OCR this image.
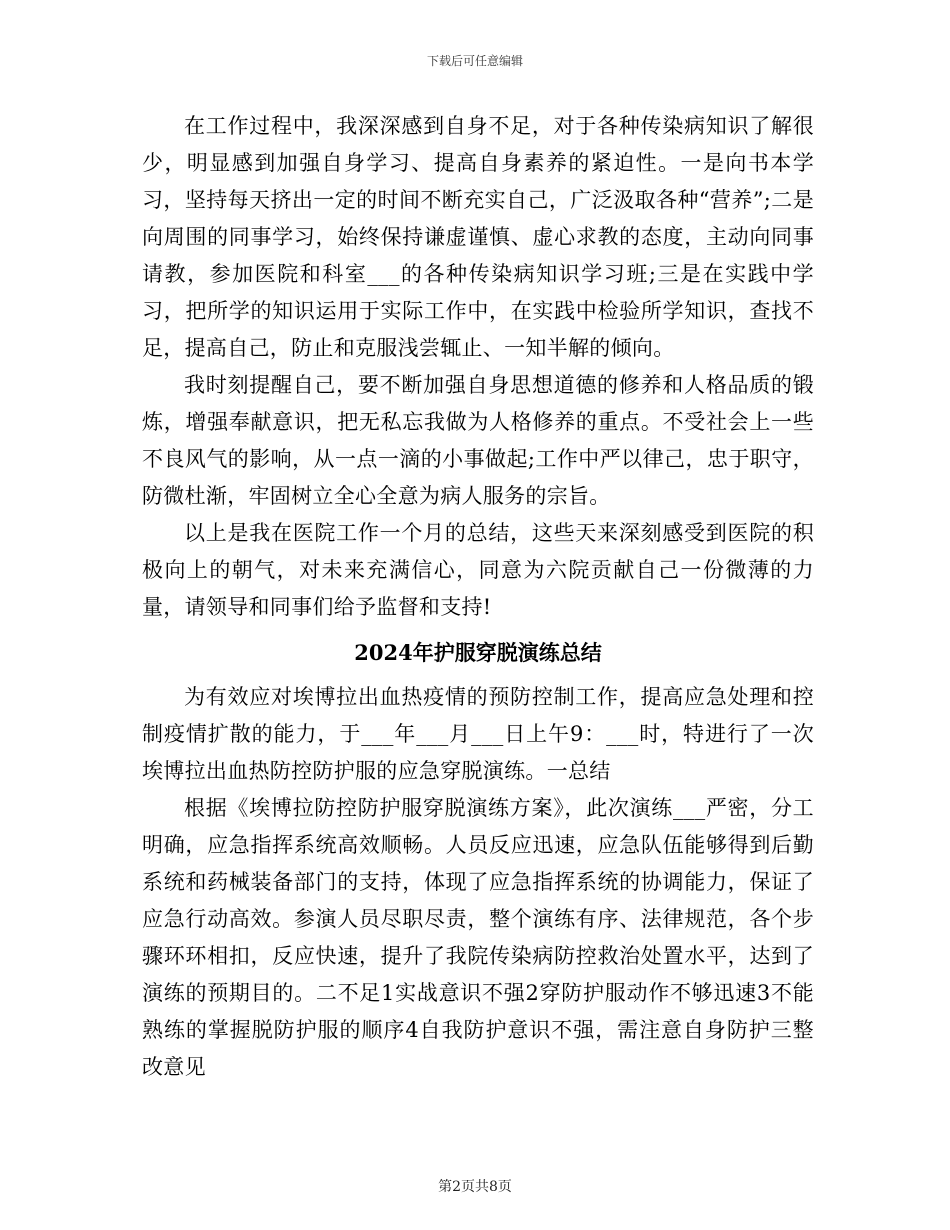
下载后可任意编辑

在工作过程中，我深深感到自身不足，对于各种传染病知识了解很少，明显感到加强自身学习、提高自身素养的紧迫性。一是向书本学习，坚持每天挤出一定的时间不断充实自己，广泛汲取各种“营养”;二是向周围的同事学习，始终保持谦虚谨慎、虚心求教的态度，主动向同事请教，参加医院和科室___的各种传染病知识学习班;三是在实践中学习，把所学的知识运用于实际工作中，在实践中检验所学知识，查找不足，提高自己，防止和克服浅尝辄止、一知半解的倾向。

我时刻提醒自己，要不断加强自身思想道德的修养和人格品质的锻炼，增强奉献意识，把无私忘我做为人格修养的重点。不受社会上一些不良风气的影响，从一点一滴的小事做起;工作中严以律己，忠于职守，防微杜渐，牢固树立全心全意为病人服务的宗旨。

以上是我在医院工作一个月的总结，这些天来深刻感受到医院的积极向上的朝气，对未来充满信心，同意为六院贡献自己一份微薄的力量，请领导和同事们给予监督和支持!

2024年护服穿脱演练总结

为有效应对埃博拉出血热疫情的预防控制工作，提高应急处理和控制疫情扩散的能力，于___年___月___日上午9：___时，特进行了一次埃博拉出血热防控防护服的应急穿脱演练。一总结

根据《埃博拉防控防护服穿脱演练方案》，此次演练___严密，分工明确，应急指挥系统高效顺畅。人员反应迅速，应急队伍能够得到后勤系统和药械装备部门的支持，体现了应急指挥系统的协调能力，保证了应急行动高效。参演人员尽职尽责，整个演练有序、法律规范，各个步骤环环相扣，反应快速，提升了我院传染病防控救治处置水平，达到了演练的预期目的。二不足1实战意识不强2穿防护服动作不够迅速3不能熟练的掌握脱防护服的顺序4自我防护意识不强，需注意自身防护三整改意见

第2页共8页
